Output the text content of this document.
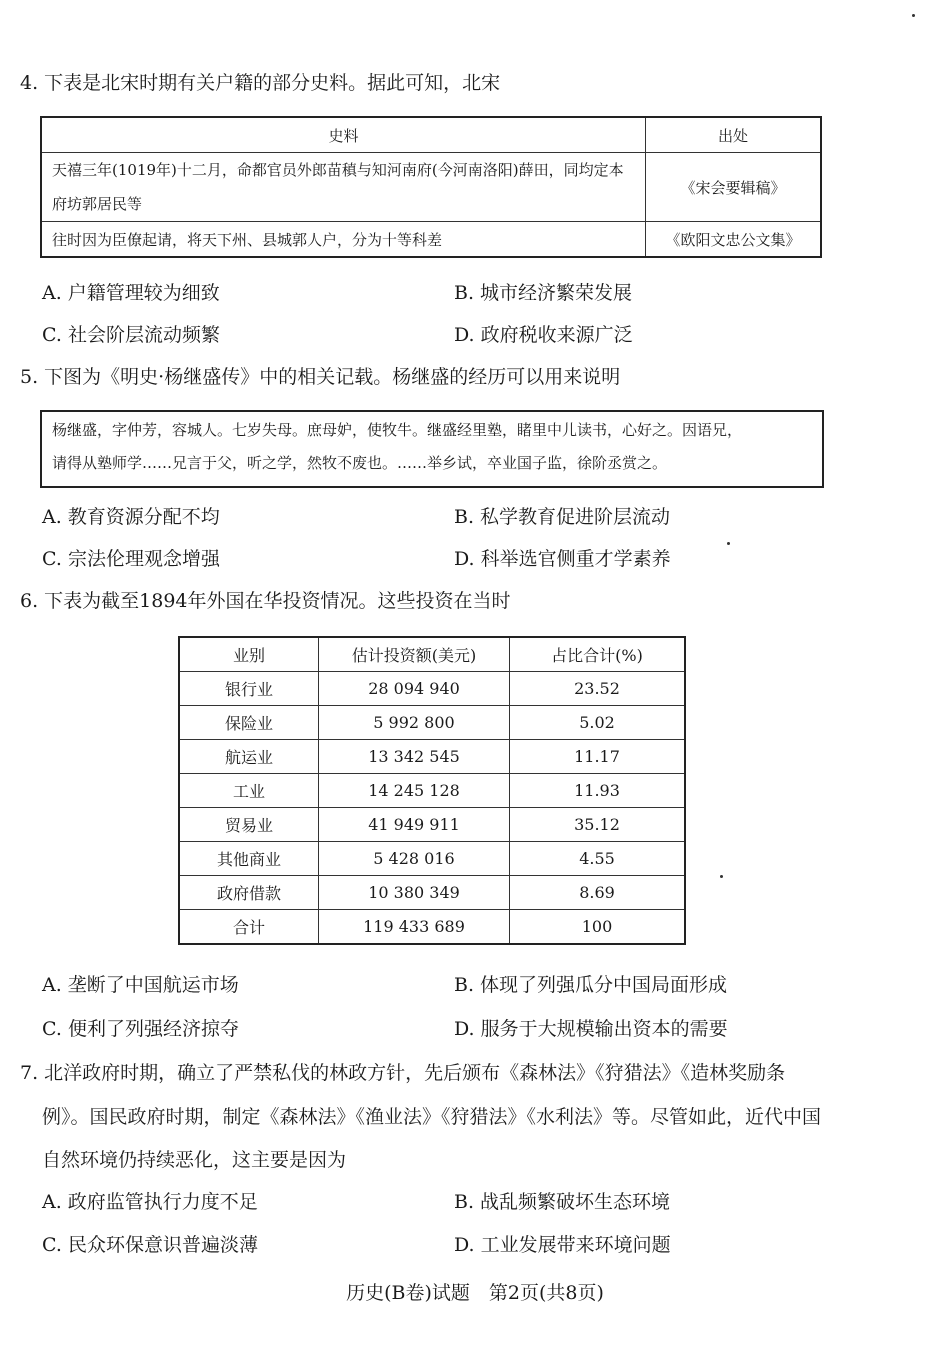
4. 下表是北宋时期有关户籍的部分史料。据此可知，北宋
史料	出处
天禧三年(1019年)十二月，命都官员外郎苗稹与知河南府(今河南洛阳)薛田，同均定本府坊郭居民等	《宋会要辑稿》
往时因为臣僚起请，将天下州、县城郭人户，分为十等科差	《欧阳文忠公文集》
A. 户籍管理较为细致	B. 城市经济繁荣发展
C. 社会阶层流动频繁	D. 政府税收来源广泛
5. 下图为《明史·杨继盛传》中的相关记载。杨继盛的经历可以用来说明
杨继盛，字仲芳，容城人。七岁失母。庶母妒，使牧牛。继盛经里塾，睹里中儿读书，心好之。因语兄，
请得从塾师学……兄言于父，听之学，然牧不废也。……举乡试，卒业国子监，徐阶丞赏之。
A. 教育资源分配不均	B. 私学教育促进阶层流动
C. 宗法伦理观念增强	D. 科举选官侧重才学素养
6. 下表为截至1894年外国在华投资情况。这些投资在当时
业别	估计投资额(美元)	占比合计(%)
银行业	28 094 940	23.52
保险业	5 992 800	5.02
航运业	13 342 545	11.17
工业	14 245 128	11.93
贸易业	41 949 911	35.12
其他商业	5 428 016	4.55
政府借款	10 380 349	8.69
合计	119 433 689	100
A. 垄断了中国航运市场	B. 体现了列强瓜分中国局面形成
C. 便利了列强经济掠夺	D. 服务于大规模输出资本的需要
7. 北洋政府时期，确立了严禁私伐的林政方针，先后颁布《森林法》《狩猎法》《造林奖励条
例》。国民政府时期，制定《森林法》《渔业法》《狩猎法》《水利法》等。尽管如此，近代中国
自然环境仍持续恶化，这主要是因为
A. 政府监管执行力度不足	B. 战乱频繁破坏生态环境
C. 民众环保意识普遍淡薄	D. 工业发展带来环境问题
历史(B卷)试题　第2页(共8页)
